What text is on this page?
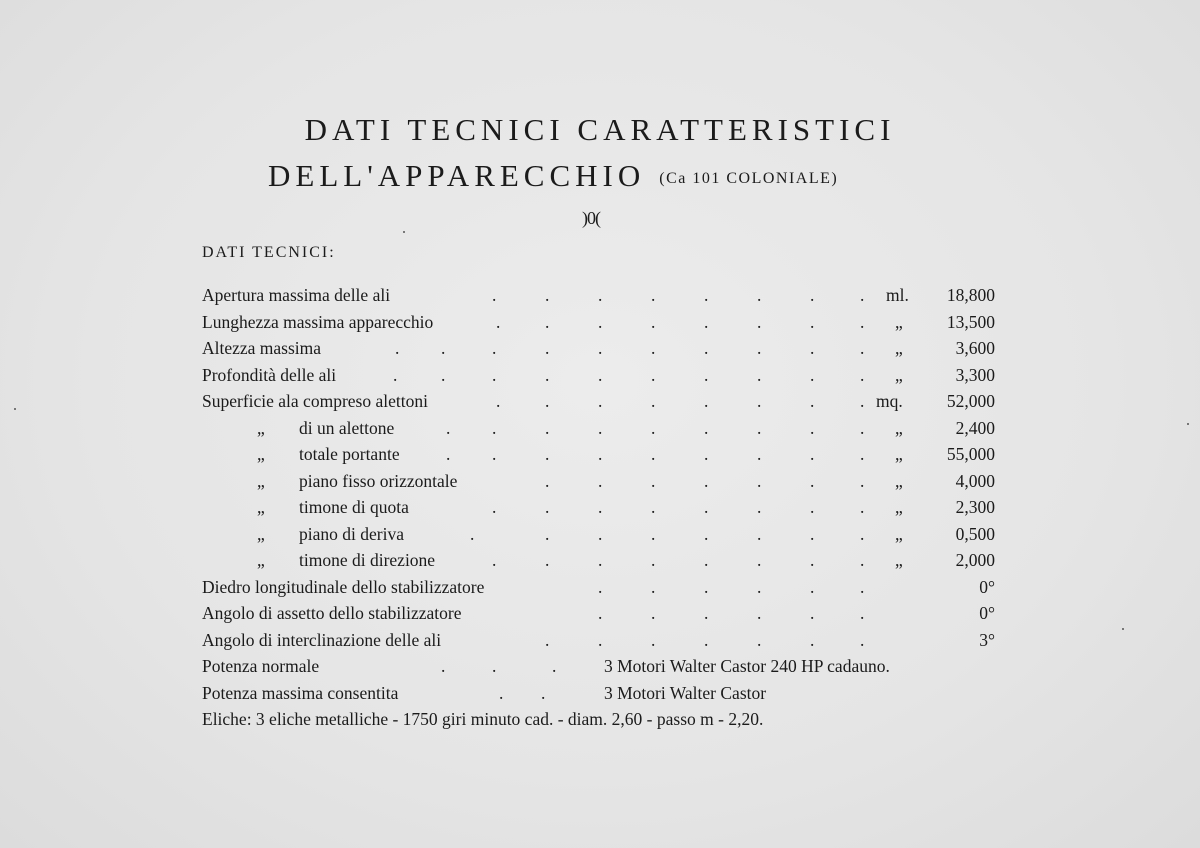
DATI TECNICI CARATTERISTICI
DELL'APPARECCHIO (Ca 101 COLONIALE)
)0(
DATI TECNICI:
Apertura massima delle ali	.	.	.	.	.	.	.	. ml. 18,800
Lunghezza massima apparecchio	.	.	.	.	.	.	.	. „	13,500
Altezza massima	. .	.	.	.	.	.	.	.	. „	3,600
Profondità delle ali	. .	.	.	.	.	.	.	.	. „	3,300
Superficie ala compreso alettoni	.	.	.	.	.	.	.	. mq.	52,000
„ di un alettone	. .	.	.	.	.	.	.	. „	2,400
„ totale portante	. .	.	.	.	.	.	.	. „	55,000
„ piano fisso orizzontale	.	.	.	.	.	.	. „	4,000
„ timone di quota	.	.	.	.	.	.	.	. „	2,300
„ piano di deriva	.	.	.	.	.	.	.	. „	0,500
„ timone di direzione	.	.	.	.	.	.	.	. „	2,000
Diedro longitudinale dello stabilizzatore	.	.	.	.	.	.	0°
Angolo di assetto dello stabilizzatore	.	.	.	.	.	.	0°
Angolo di interclinazione delle ali	.	.	.	.	.	.	.	3°
Potenza normale	.	.	.	3 Motori Walter Castor 240 HP cadauno.
Potenza massima consentita	. .	3 Motori Walter Castor
Eliche: 3 eliche metalliche - 1750 giri minuto cad. - diam. 2,60 - passo m - 2,20.
